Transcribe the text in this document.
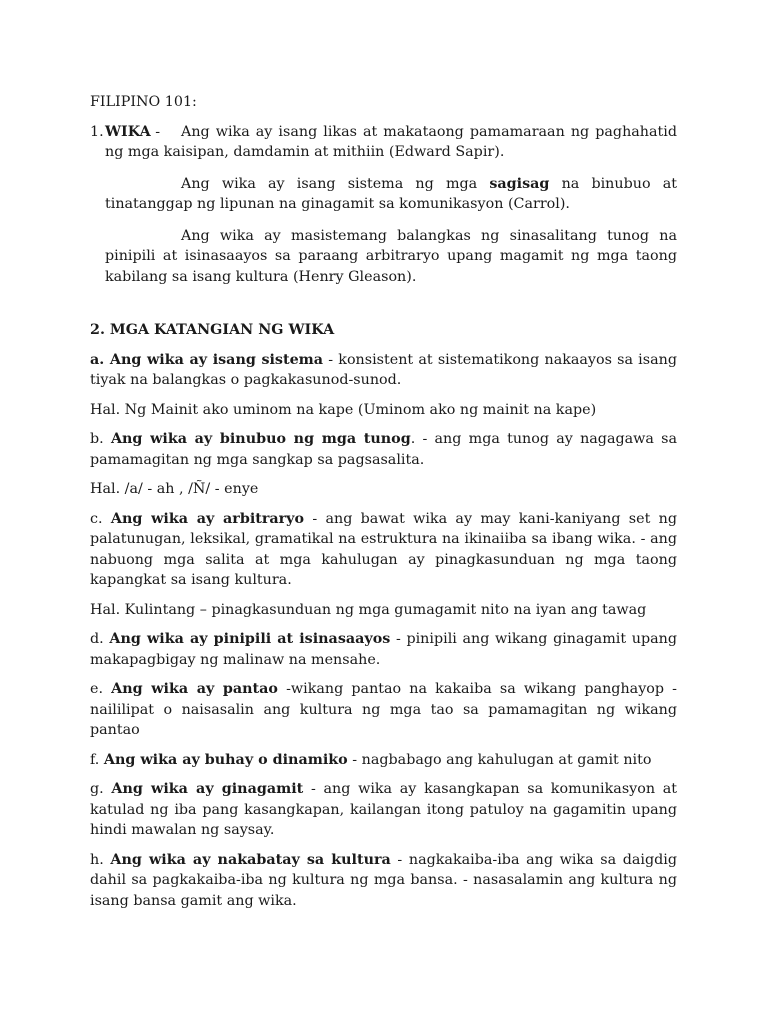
FILIPINO 101:
1. WIKA - Ang wika ay isang likas at makataong pamamaraan ng paghahatid ng mga kaisipan, damdamin at mithiin (Edward Sapir).
Ang wika ay isang sistema ng mga sagisag na binubuo at tinatanggap ng lipunan na ginagamit sa komunikasyon (Carrol).
Ang wika ay masistemang balangkas ng sinasalitang tunog na pinipili at isinasaayos sa paraang arbitraryo upang magamit ng mga taong kabilang sa isang kultura (Henry Gleason).
2. MGA KATANGIAN NG WIKA
a. Ang wika ay isang sistema - konsistent at sistematikong nakaayos sa isang tiyak na balangkas o pagkakasunod-sunod.
Hal. Ng Mainit ako uminom na kape (Uminom ako ng mainit na kape)
b. Ang wika ay binubuo ng mga tunog. - ang mga tunog ay nagagawa sa pamamagitan ng mga sangkap sa pagsasalita.
Hal. /a/ - ah , /Ñ/ - enye
c. Ang wika ay arbitraryo - ang bawat wika ay may kani-kaniyang set ng palatunugan, leksikal, gramatikal na estruktura na ikinaiiba sa ibang wika. - ang nabuong mga salita at mga kahulugan ay pinagkasunduan ng mga taong kapangkat sa isang kultura.
Hal. Kulintang – pinagkasunduan ng mga gumagamit nito na iyan ang tawag
d. Ang wika ay pinipili at isinasaayos - pinipili ang wikang ginagamit upang makapagbigay ng malinaw na mensahe.
e. Ang wika ay pantao -wikang pantao na kakaiba sa wikang panghayop - naililipat o naisasalin ang kultura ng mga tao sa pamamagitan ng wikang pantao
f. Ang wika ay buhay o dinamiko - nagbabago ang kahulugan at gamit nito
g. Ang wika ay ginagamit - ang wika ay kasangkapan sa komunikasyon at katulad ng iba pang kasangkapan, kailangan itong patuloy na gagamitin upang hindi mawalan ng saysay.
h. Ang wika ay nakabatay sa kultura - nagkakaiba-iba ang wika sa daigdig dahil sa pagkakaiba-iba ng kultura ng mga bansa. - nasasalamin ang kultura ng isang bansa gamit ang wika.
